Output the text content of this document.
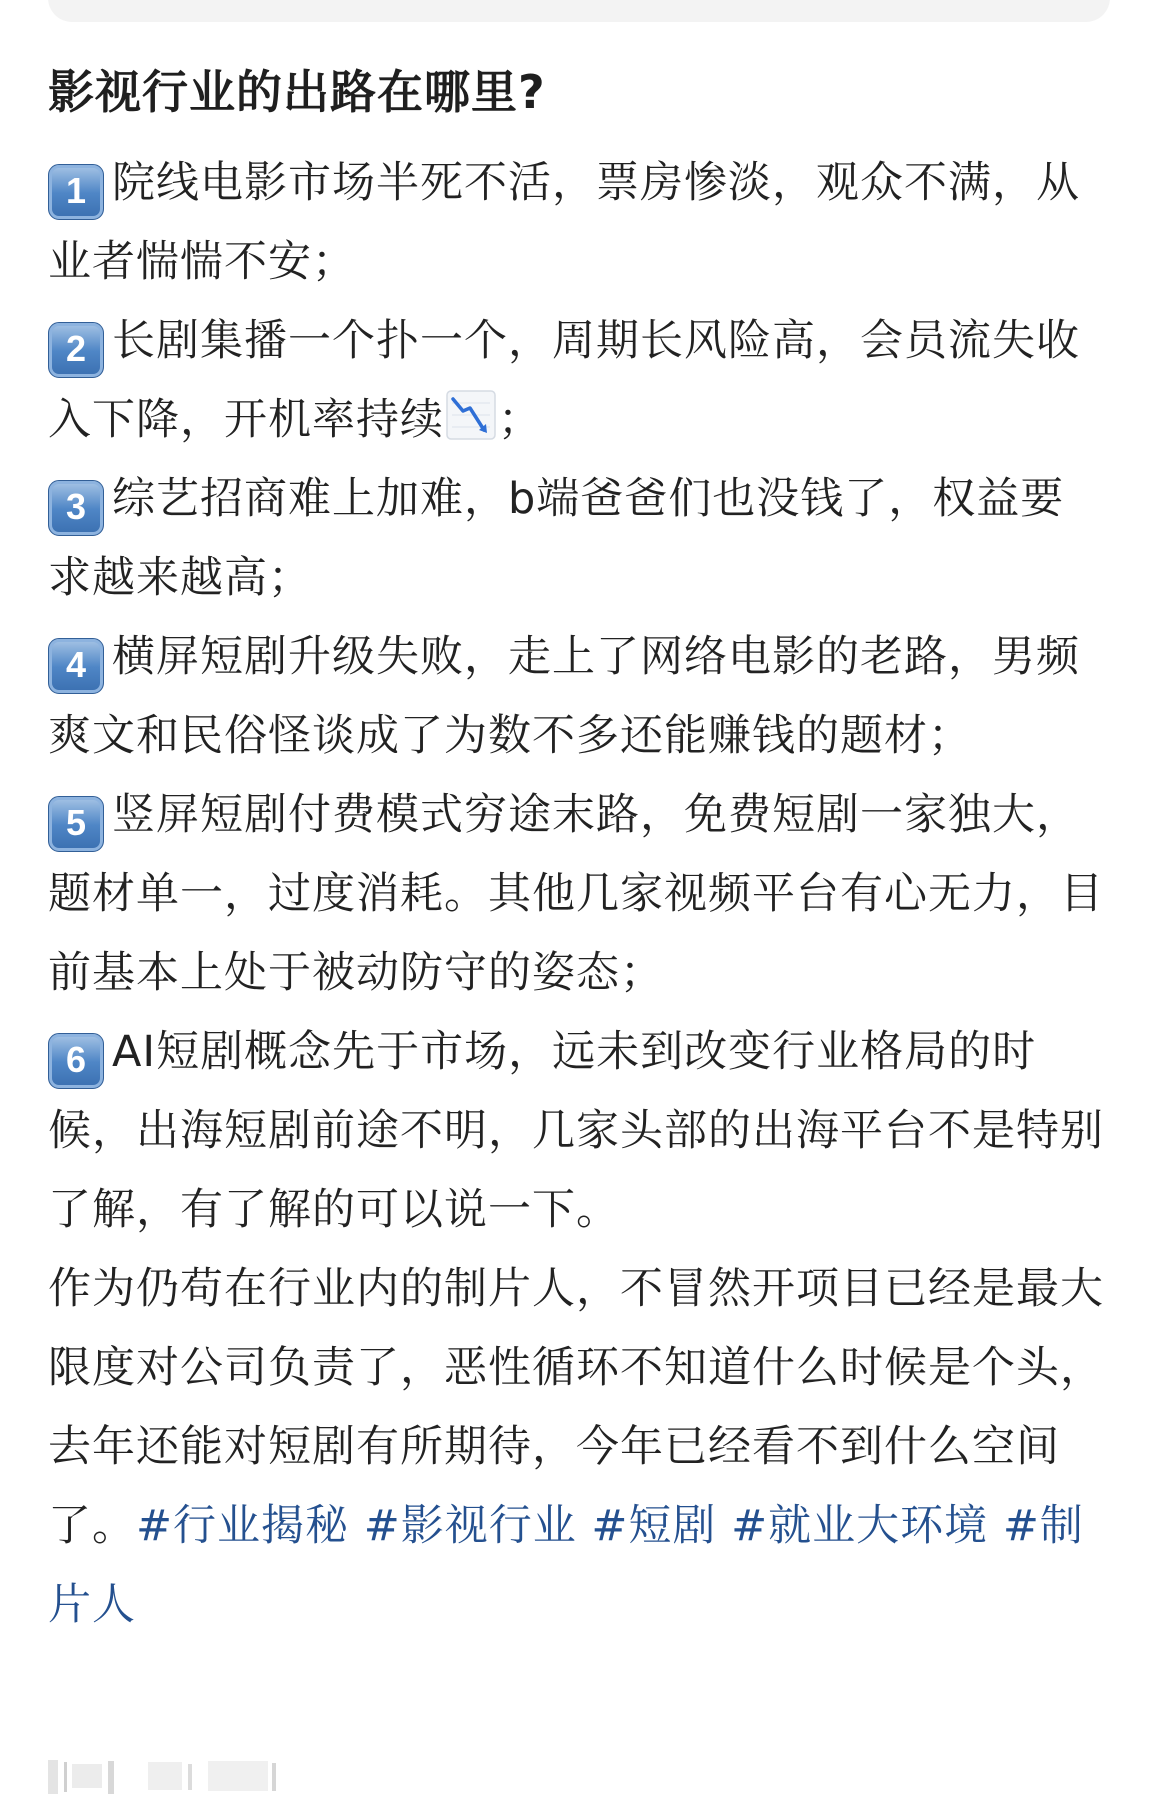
影视行业的出路在哪里?

1 院线电影市场半死不活，票房惨淡，观众不满，从业者惴惴不安；

2 长剧集播一个扑一个，周期长风险高，会员流失收入下降，开机率持续 ；

3 综艺招商难上加难，b端爸爸们也没钱了，权益要求越来越高；

4 横屏短剧升级失败，走上了网络电影的老路，男频爽文和民俗怪谈成了为数不多还能赚钱的题材；

5 竖屏短剧付费模式穷途末路，免费短剧一家独大，题材单一，过度消耗。其他几家视频平台有心无力，目前基本上处于被动防守的姿态；

6 AI短剧概念先于市场，远未到改变行业格局的时候，出海短剧前途不明，几家头部的出海平台不是特别了解，有了解的可以说一下。

作为仍苟在行业内的制片人，不冒然开项目已经是最大限度对公司负责了，恶性循环不知道什么时候是个头，去年还能对短剧有所期待，今年已经看不到什么空间了。#行业揭秘 #影视行业 #短剧 #就业大环境 #制片人
